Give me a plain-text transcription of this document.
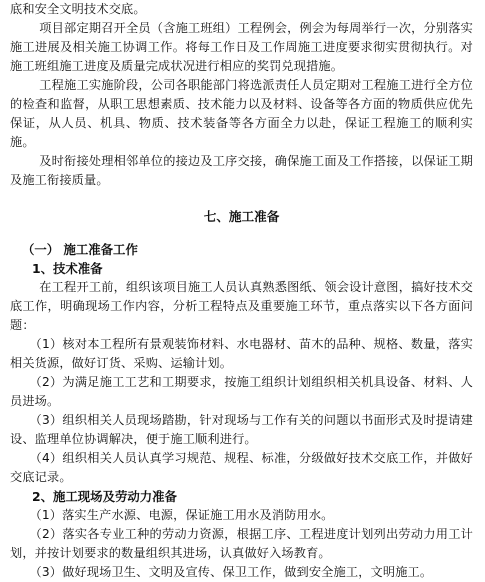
底和安全文明技术交底。

项目部定期召开全员（含施工班组）工程例会，例会为每周举行一次，分别落实施工进展及相关施工协调工作。将每工作日及工作周施工进度要求彻实贯彻执行。对施工班组施工进度及质量完成状况进行相应的奖罚兑现措施。

工程施工实施阶段，公司各职能部门将选派责任人员定期对工程施工进行全方位的检查和监督，从职工思想素质、技术能力以及材料、设备等各方面的物质供应优先保证，从人员、机具、物质、技术装备等各方面全力以赴，保证工程施工的顺利实施。

及时衔接处理相邻单位的接边及工序交接，确保施工面及工作搭接，以保证工期及施工衔接质量。

七、施工准备

（一） 施工准备工作

1、技术准备

在工程开工前，组织该项目施工人员认真熟悉图纸、领会设计意图，搞好技术交底工作，明确现场工作内容，分析工程特点及重要施工环节，重点落实以下各方面问题：

（1）核对本工程所有景观装饰材料、水电器材、苗木的品种、规格、数量，落实相关货源，做好订货、采购、运输计划。

（2）为满足施工工艺和工期要求，按施工组织计划组织相关机具设备、材料、人员进场。

（3）组织相关人员现场踏勘，针对现场与工作有关的问题以书面形式及时提请建设、监理单位协调解决，便于施工顺利进行。

（4）组织相关人员认真学习规范、规程、标准，分级做好技术交底工作，并做好交底记录。

2、施工现场及劳动力准备

（1）落实生产水源、电源，保证施工用水及消防用水。

（2）落实各专业工种的劳动力资源，根据工序、工程进度计划列出劳动力用工计划，并按计划要求的数量组织其进场，认真做好入场教育。

（3）做好现场卫生、文明及宣传、保卫工作，做到安全施工，文明施工。
